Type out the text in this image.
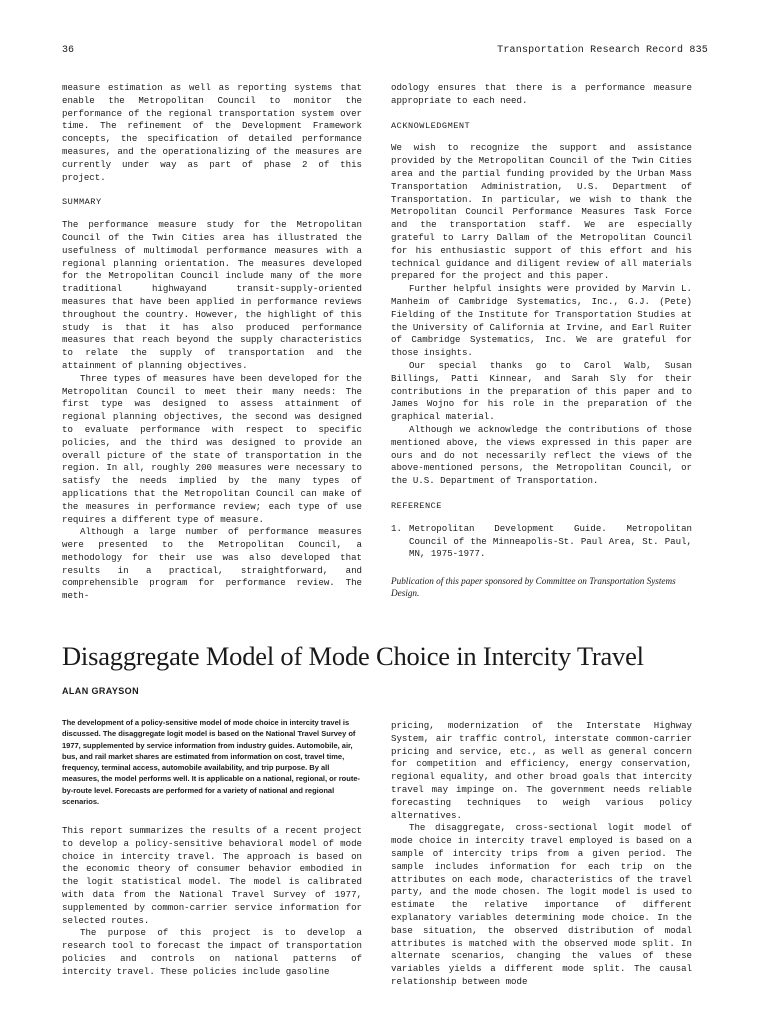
36	Transportation Research Record 835

measure estimation as well as reporting systems that enable the Metropolitan Council to monitor the performance of the regional transportation system over time. The refinement of the Development Framework concepts, the specification of detailed performance measures, and the operationalizing of the measures are currently under way as part of phase 2 of this project.

SUMMARY

The performance measure study for the Metropolitan Council of the Twin Cities area has illustrated the usefulness of multimodal performance measures with a regional planning orientation. The measures developed for the Metropolitan Council include many of the more traditional highwayand transit-supply-oriented measures that have been applied in performance reviews throughout the country. However, the highlight of this study is that it has also produced performance measures that reach beyond the supply characteristics to relate the supply of transportation and the attainment of planning objectives.

Three types of measures have been developed for the Metropolitan Council to meet their many needs: The first type was designed to assess attainment of regional planning objectives, the second was designed to evaluate performance with respect to specific policies, and the third was designed to provide an overall picture of the state of transportation in the region. In all, roughly 200 measures were necessary to satisfy the needs implied by the many types of applications that the Metropolitan Council can make of the measures in performance review; each type of use requires a different type of measure.

Although a large number of performance measures were presented to the Metropolitan Council, a methodology for their use was also developed that results in a practical, straightforward, and comprehensible program for performance review. The meth-

odology ensures that there is a performance measure appropriate to each need.

ACKNOWLEDGMENT

We wish to recognize the support and assistance provided by the Metropolitan Council of the Twin Cities area and the partial funding provided by the Urban Mass Transportation Administration, U.S. Department of Transportation. In particular, we wish to thank the Metropolitan Council Performance Measures Task Force and the transportation staff. We are especially grateful to Larry Dallam of the Metropolitan Council for his enthusiastic support of this effort and his technical guidance and diligent review of all materials prepared for the project and this paper.

Further helpful insights were provided by Marvin L. Manheim of Cambridge Systematics, Inc., G.J. (Pete) Fielding of the Institute for Transportation Studies at the University of California at Irvine, and Earl Ruiter of Cambridge Systematics, Inc. We are grateful for those insights.

Our special thanks go to Carol Walb, Susan Billings, Patti Kinnear, and Sarah Sly for their contributions in the preparation of this paper and to James Wojno for his role in the preparation of the graphical material.

Although we acknowledge the contributions of those mentioned above, the views expressed in this paper are ours and do not necessarily reflect the views of the above-mentioned persons, the Metropolitan Council, or the U.S. Department of Transportation.

REFERENCE
1. Metropolitan Development Guide. Metropolitan Council of the Minneapolis-St. Paul Area, St. Paul, MN, 1975-1977.
Publication of this paper sponsored by Committee on Transportation Systems Design.
Disaggregate Model of Mode Choice in Intercity Travel
ALAN GRAYSON
The development of a policy-sensitive model of mode choice in intercity travel is discussed. The disaggregate logit model is based on the National Travel Survey of 1977, supplemented by service information from industry guides. Automobile, air, bus, and rail market shares are estimated from information on cost, travel time, frequency, terminal access, automobile availability, and trip purpose. By all measures, the model performs well. It is applicable on a national, regional, or route-by-route level. Forecasts are performed for a variety of national and regional scenarios.

This report summarizes the results of a recent project to develop a policy-sensitive behavioral model of mode choice in intercity travel. The approach is based on the economic theory of consumer behavior embodied in the logit statistical model. The model is calibrated with data from the National Travel Survey of 1977, supplemented by common-carrier service information for selected routes.

The purpose of this project is to develop a research tool to forecast the impact of transportation policies and controls on national patterns of intercity travel. These policies include gasoline

pricing, modernization of the Interstate Highway System, air traffic control, interstate common-carrier pricing and service, etc., as well as general concern for competition and efficiency, energy conservation, regional equality, and other broad goals that intercity travel may impinge on. The government needs reliable forecasting techniques to weigh various policy alternatives.

The disaggregate, cross-sectional logit model of mode choice in intercity travel employed is based on a sample of intercity trips from a given period. The sample includes information for each trip on the attributes on each mode, characteristics of the travel party, and the mode chosen. The logit model is used to estimate the relative importance of different explanatory variables determining mode choice. In the base situation, the observed distribution of modal attributes is matched with the observed mode split. In alternate scenarios, changing the values of these variables yields a different mode split. The causal relationship between mode
